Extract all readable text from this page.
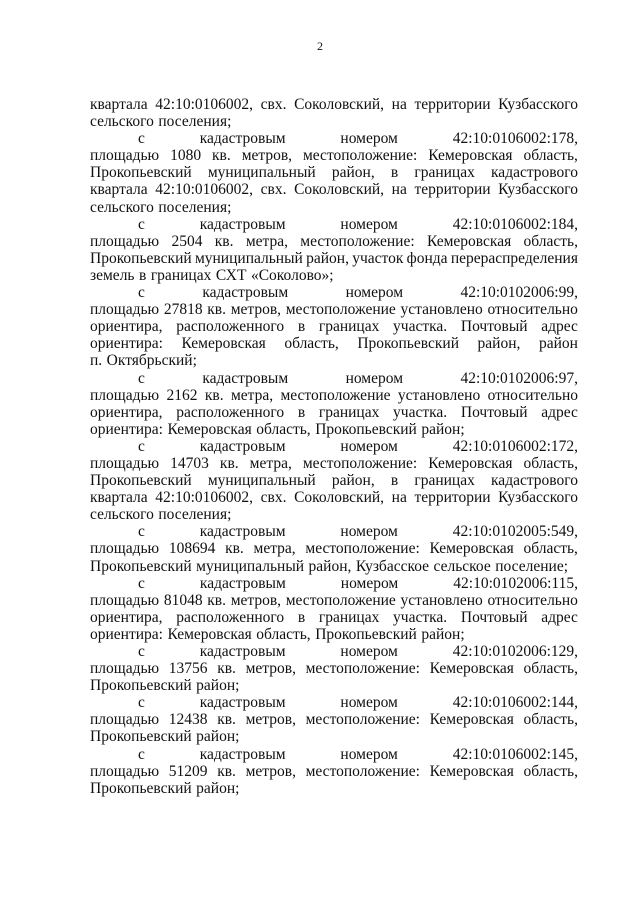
2
квартала 42:10:0106002, свх. Соколовский, на территории Кузбасского
сельского поселения;
с	кадастровым	номером	42:10:0106002:178,
площадью 1080 кв. метров, местоположение: Кемеровская область,
Прокопьевский муниципальный район, в границах кадастрового
квартала 42:10:0106002, свх. Соколовский, на территории Кузбасского
сельского поселения;
с	кадастровым	номером	42:10:0106002:184,
площадью 2504 кв. метра, местоположение: Кемеровская область,
Прокопьевский муниципальный район, участок фонда перераспределения
земель в границах СХТ «Соколово»;
с	кадастровым	номером	42:10:0102006:99,
площадью 27818 кв. метров, местоположение установлено относительно
ориентира, расположенного в границах участка. Почтовый адрес
ориентира: Кемеровская область, Прокопьевский район, район
п. Октябрьский;
с	кадастровым	номером	42:10:0102006:97,
площадью 2162 кв. метра, местоположение установлено относительно
ориентира, расположенного в границах участка. Почтовый адрес
ориентира: Кемеровская область, Прокопьевский район;
с	кадастровым	номером	42:10:0106002:172,
площадью 14703 кв. метра, местоположение: Кемеровская область,
Прокопьевский муниципальный район, в границах кадастрового
квартала 42:10:0106002, свх. Соколовский, на территории Кузбасского
сельского поселения;
с	кадастровым	номером	42:10:0102005:549,
площадью 108694 кв. метра, местоположение: Кемеровская область,
Прокопьевский муниципальный район, Кузбасское сельское поселение;
с	кадастровым	номером	42:10:0102006:115,
площадью 81048 кв. метров, местоположение установлено относительно
ориентира, расположенного в границах участка. Почтовый адрес
ориентира: Кемеровская область, Прокопьевский район;
с	кадастровым	номером	42:10:0102006:129,
площадью 13756 кв. метров, местоположение: Кемеровская область,
Прокопьевский район;
с	кадастровым	номером	42:10:0106002:144,
площадью 12438 кв. метров, местоположение: Кемеровская область,
Прокопьевский район;
с	кадастровым	номером	42:10:0106002:145,
площадью 51209 кв. метров, местоположение: Кемеровская область,
Прокопьевский район;
